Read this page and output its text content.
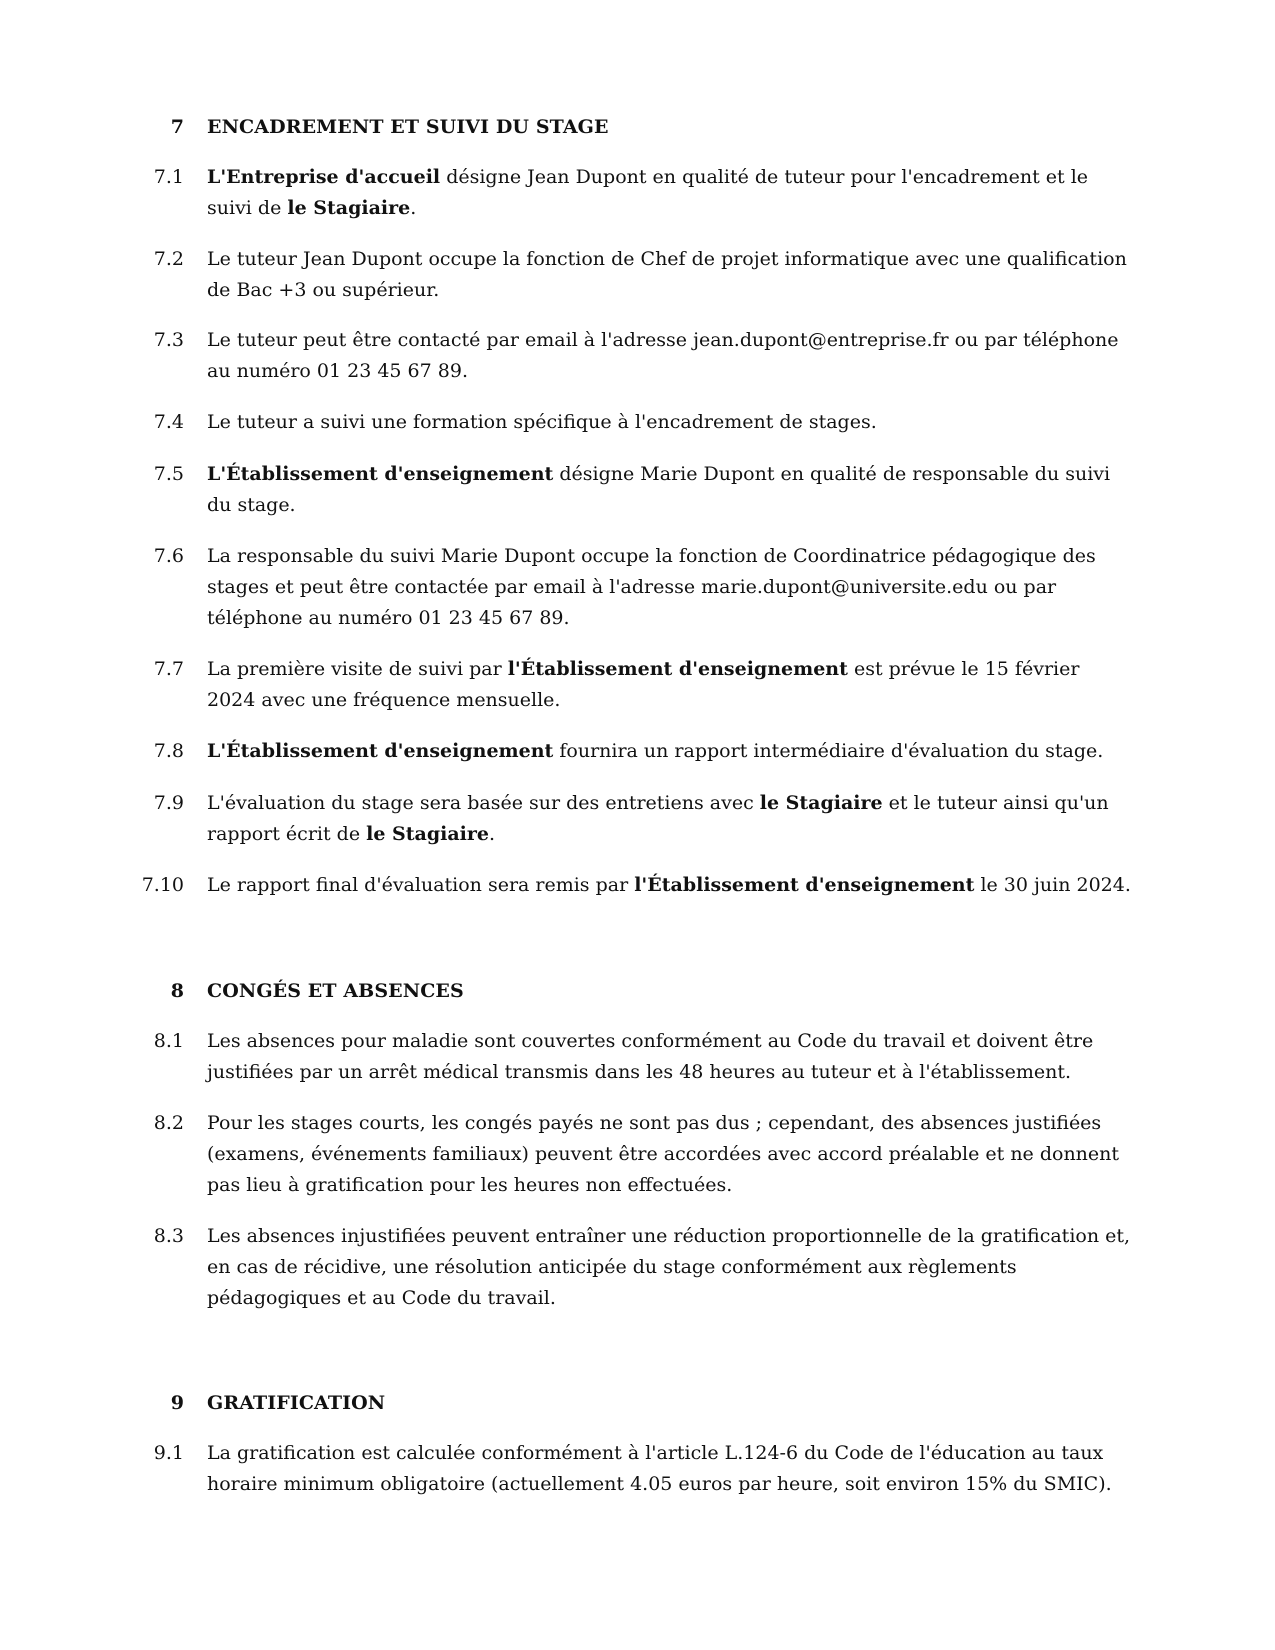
7 ENCADREMENT ET SUIVI DU STAGE
7.1 L'Entreprise d'accueil désigne Jean Dupont en qualité de tuteur pour l'encadrement et le suivi de le Stagiaire.
7.2 Le tuteur Jean Dupont occupe la fonction de Chef de projet informatique avec une qualification de Bac +3 ou supérieur.
7.3 Le tuteur peut être contacté par email à l'adresse jean.dupont@entreprise.fr ou par téléphone au numéro 01 23 45 67 89.
7.4 Le tuteur a suivi une formation spécifique à l'encadrement de stages.
7.5 L'Établissement d'enseignement désigne Marie Dupont en qualité de responsable du suivi du stage.
7.6 La responsable du suivi Marie Dupont occupe la fonction de Coordinatrice pédagogique des stages et peut être contactée par email à l'adresse marie.dupont@universite.edu ou par téléphone au numéro 01 23 45 67 89.
7.7 La première visite de suivi par l'Établissement d'enseignement est prévue le 15 février 2024 avec une fréquence mensuelle.
7.8 L'Établissement d'enseignement fournira un rapport intermédiaire d'évaluation du stage.
7.9 L'évaluation du stage sera basée sur des entretiens avec le Stagiaire et le tuteur ainsi qu'un rapport écrit de le Stagiaire.
7.10 Le rapport final d'évaluation sera remis par l'Établissement d'enseignement le 30 juin 2024.
8 CONGÉS ET ABSENCES
8.1 Les absences pour maladie sont couvertes conformément au Code du travail et doivent être justifiées par un arrêt médical transmis dans les 48 heures au tuteur et à l'établissement.
8.2 Pour les stages courts, les congés payés ne sont pas dus ; cependant, des absences justifiées (examens, événements familiaux) peuvent être accordées avec accord préalable et ne donnent pas lieu à gratification pour les heures non effectuées.
8.3 Les absences injustifiées peuvent entraîner une réduction proportionnelle de la gratification et, en cas de récidive, une résolution anticipée du stage conformément aux règlements pédagogiques et au Code du travail.
9 GRATIFICATION
9.1 La gratification est calculée conformément à l'article L.124-6 du Code de l'éducation au taux horaire minimum obligatoire (actuellement 4.05 euros par heure, soit environ 15% du SMIC).
